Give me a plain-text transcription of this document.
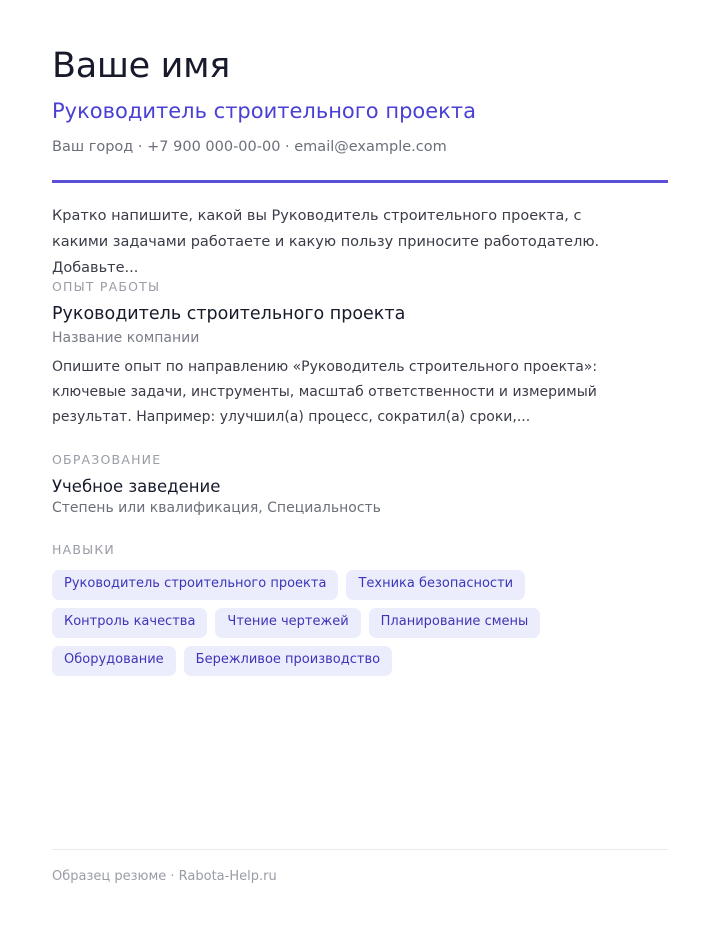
Ваше имя
Руководитель строительного проекта
Ваш город · +7 900 000-00-00 · email@example.com
Кратко напишите, какой вы Руководитель строительного проекта, с какими задачами работаете и какую пользу приносите работодателю. Добавьте...
ОПЫТ РАБОТЫ
Руководитель строительного проекта
Название компании
Опишите опыт по направлению «Руководитель строительного проекта»: ключевые задачи, инструменты, масштаб ответственности и измеримый результат. Например: улучшил(а) процесс, сократил(а) сроки,...
ОБРАЗОВАНИЕ
Учебное заведение
Степень или квалификация, Специальность
НАВЫКИ
Руководитель строительного проекта	Техника безопасности
Контроль качества	Чтение чертежей	Планирование смены
Оборудование	Бережливое производство
Образец резюме · Rabota-Help.ru
